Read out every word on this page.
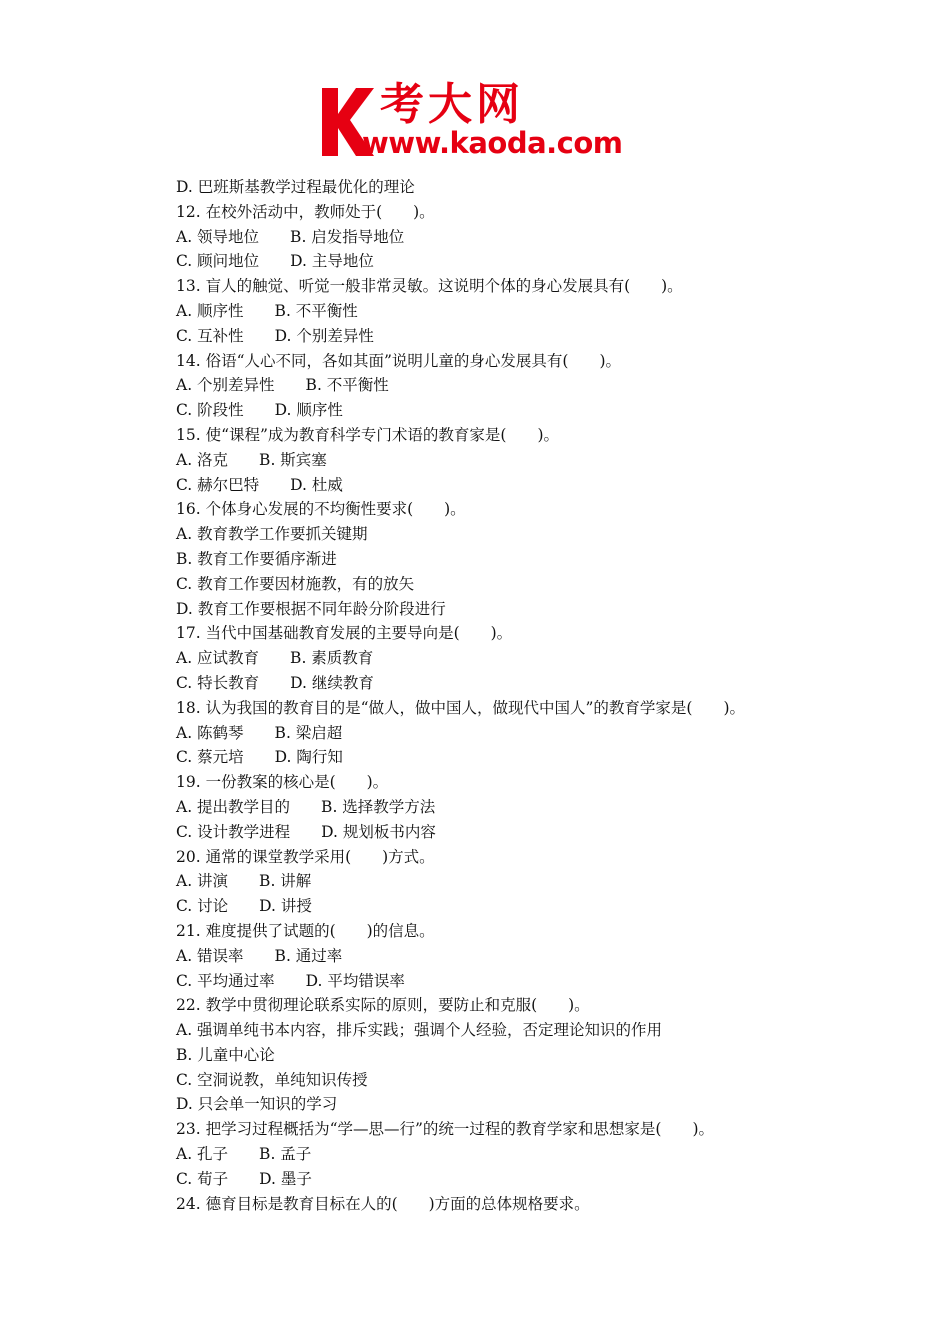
考大网
www.kaoda.com
D. 巴班斯基教学过程最优化的理论
12. 在校外活动中，教师处于(　　)。
A. 领导地位　　B. 启发指导地位
C. 顾问地位　　D. 主导地位
13. 盲人的触觉、听觉一般非常灵敏。这说明个体的身心发展具有(　　)。
A. 顺序性　　B. 不平衡性
C. 互补性　　D. 个别差异性
14. 俗语“人心不同，各如其面”说明儿童的身心发展具有(　　)。
A. 个别差异性　　B. 不平衡性
C. 阶段性　　D. 顺序性
15. 使“课程”成为教育科学专门术语的教育家是(　　)。
A. 洛克　　B. 斯宾塞
C. 赫尔巴特　　D. 杜威
16. 个体身心发展的不均衡性要求(　　)。
A. 教育教学工作要抓关键期
B. 教育工作要循序渐进
C. 教育工作要因材施教，有的放矢
D. 教育工作要根据不同年龄分阶段进行
17. 当代中国基础教育发展的主要导向是(　　)。
A. 应试教育　　B. 素质教育
C. 特长教育　　D. 继续教育
18. 认为我国的教育目的是“做人，做中国人，做现代中国人”的教育学家是(　　)。
A. 陈鹤琴　　B. 梁启超
C. 蔡元培　　D. 陶行知
19. 一份教案的核心是(　　)。
A. 提出教学目的　　B. 选择教学方法
C. 设计教学进程　　D. 规划板书内容
20. 通常的课堂教学采用(　　)方式。
A. 讲演　　B. 讲解
C. 讨论　　D. 讲授
21. 难度提供了试题的(　　)的信息。
A. 错误率　　B. 通过率
C. 平均通过率　　D. 平均错误率
22. 教学中贯彻理论联系实际的原则，要防止和克服(　　)。
A. 强调单纯书本内容，排斥实践；强调个人经验，否定理论知识的作用
B. 儿童中心论
C. 空洞说教，单纯知识传授
D. 只会单一知识的学习
23. 把学习过程概括为“学—思—行”的统一过程的教育学家和思想家是(　　)。
A. 孔子　　B. 孟子
C. 荀子　　D. 墨子
24. 德育目标是教育目标在人的(　　)方面的总体规格要求。
